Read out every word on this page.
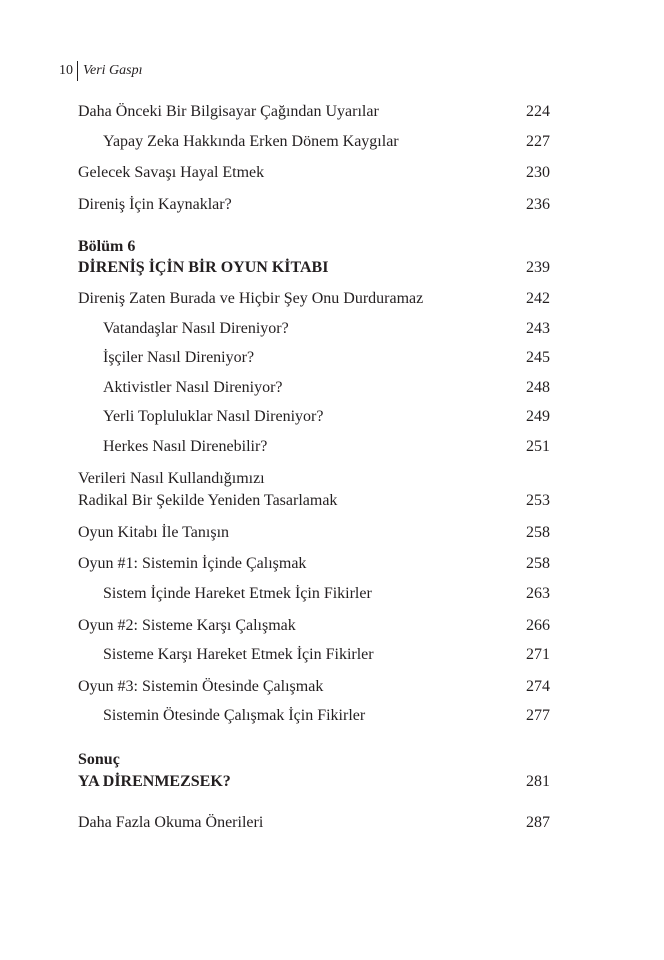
10 Veri Gaspı
Daha Önceki Bir Bilgisayar Çağından Uyarılar	224
Yapay Zeka Hakkında Erken Dönem Kaygılar	227
Gelecek Savaşı Hayal Etmek	230
Direniş İçin Kaynaklar?	236
Bölüm 6
DİRENİŞ İÇİN BİR OYUN KİTABI	239
Direniş Zaten Burada ve Hiçbir Şey Onu Durduramaz	242
Vatandaşlar Nasıl Direniyor?	243
İşçiler Nasıl Direniyor?	245
Aktivistler Nasıl Direniyor?	248
Yerli Topluluklar Nasıl Direniyor?	249
Herkes Nasıl Direnebilir?	251
Verileri Nasıl Kullandığımızı
Radikal Bir Şekilde Yeniden Tasarlamak	253
Oyun Kitabı İle Tanışın	258
Oyun #1: Sistemin İçinde Çalışmak	258
Sistem İçinde Hareket Etmek İçin Fikirler	263
Oyun #2: Sisteme Karşı Çalışmak	266
Sisteme Karşı Hareket Etmek İçin Fikirler	271
Oyun #3: Sistemin Ötesinde Çalışmak	274
Sistemin Ötesinde Çalışmak İçin Fikirler	277
Sonuç
YA DİRENMEZSEK?	281
Daha Fazla Okuma Önerileri	287
